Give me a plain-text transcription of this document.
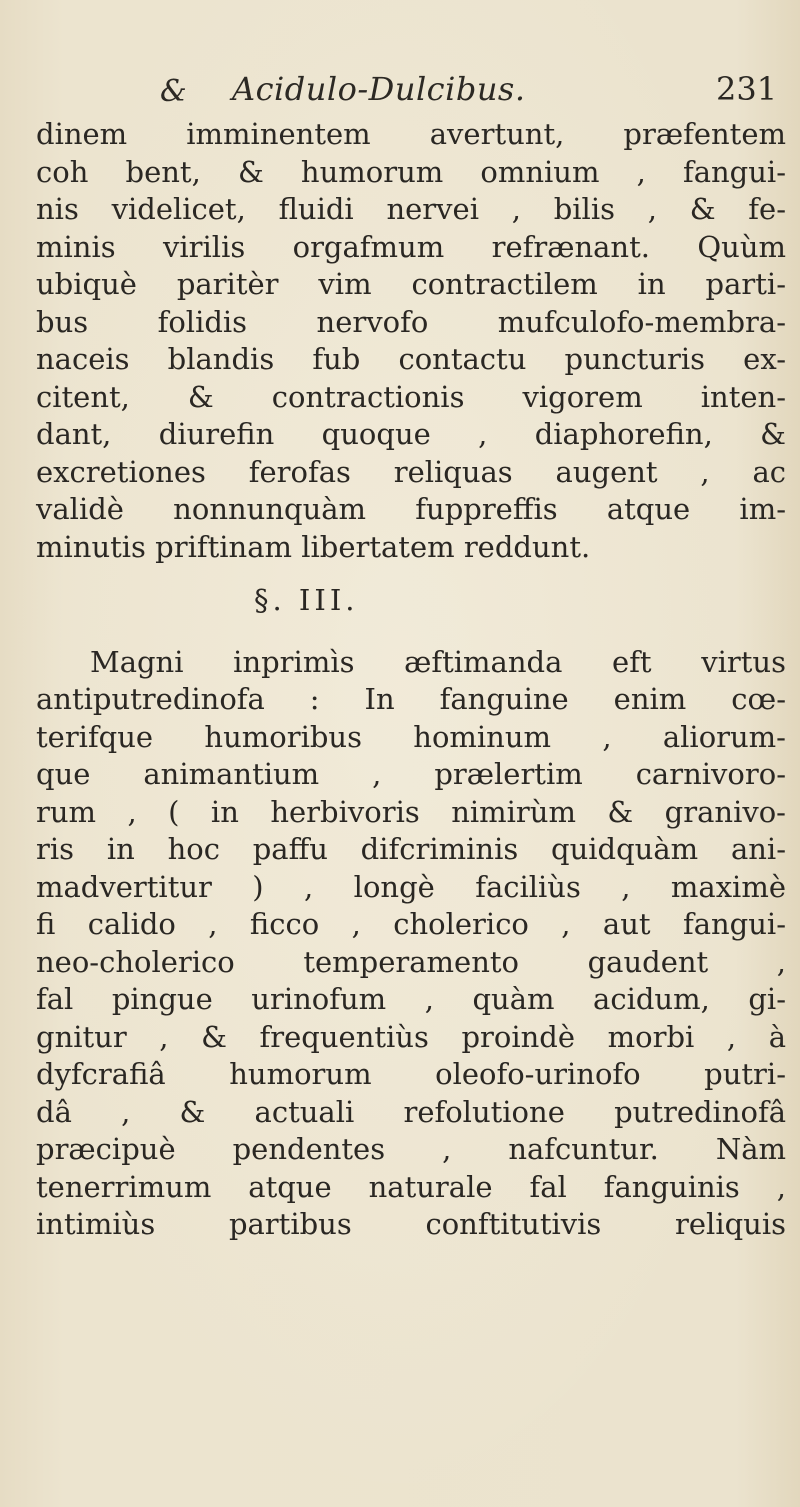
& Acidulo-Dulcibus.	231
dinem imminentem avertunt, præfentem
coh bent, & humorum omnium , fangui-
nis videlicet, fluidi nervei , bilis , & fe-
minis virilis orgafmum refrænant. Quùm
ubiquè paritèr vim contractilem in parti-
bus folidis nervofo mufculofo-membra-
naceis blandis fub contactu puncturis ex-
citent, & contractionis vigorem inten-
dant, diurefin quoque , diaphorefin, &
excretiones ferofas reliquas augent , ac
validè nonnunquàm fuppreffis atque im-
minutis priftinam libertatem reddunt.
§. III.
Magni inprimìs æftimanda eft virtus
antiputredinofa : In fanguine enim cœ-
terifque humoribus hominum , aliorum-
que animantium , prælertim carnivoro-
rum , ( in herbivoris nimirùm & granivo-
ris in hoc paffu difcriminis quidquàm ani-
madvertitur ) , longè faciliùs , maximè
fi calido , ficco , cholerico , aut fangui-
neo-cholerico temperamento gaudent ,
fal pingue urinofum , quàm acidum, gi-
gnitur , & frequentiùs proindè morbi , à
dyfcrafiâ humorum oleofo-urinofo putri-
dâ , & actuali refolutione putredinofâ
præcipuè pendentes , nafcuntur. Nàm
tenerrimum atque naturale fal fanguinis ,
intimiùs partibus conftitutivis reliquis
